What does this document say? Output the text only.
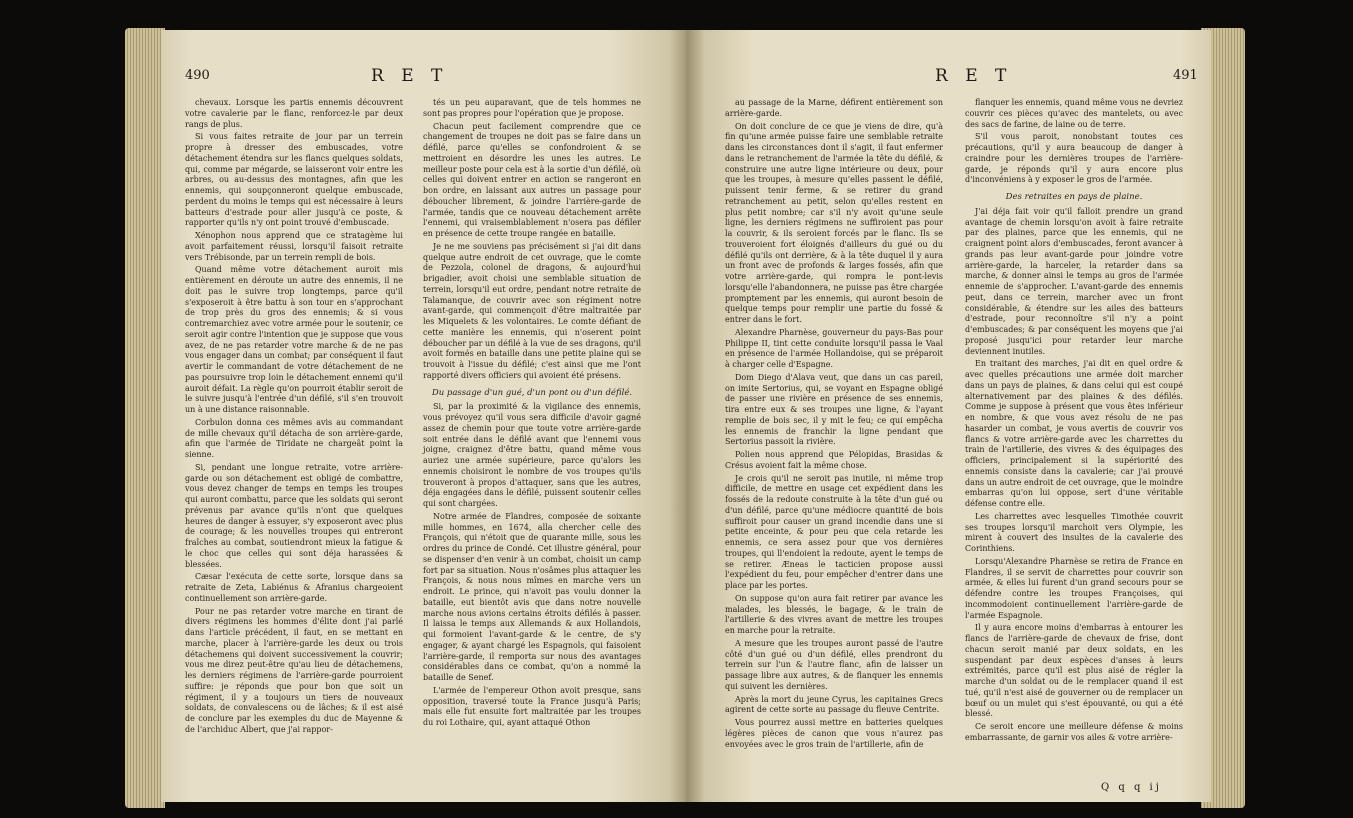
490	R E T

chevaux. Lorsque les partis ennemis découvrent votre cavalerie par le flanc, renforcez-le par deux rangs de plus.

Si vous faites retraite de jour par un terrein propre à dresser des embuscades, votre détachement étendra sur les flancs quelques soldats, qui, comme par mégarde, se laisseront voir entre les arbres, ou au-dessus des montagnes, afin que les ennemis, qui soupçonneront quelque embuscade, perdent du moins le temps qui est nécessaire à leurs batteurs d'estrade pour aller jusqu'à ce poste, & rapporter qu'ils n'y ont point trouvé d'embuscade.

Xénophon nous apprend que ce stratagème lui avoit parfaitement réussi, lorsqu'il faisoit retraite vers Trébisonde, par un terrein rempli de bois.

Quand même votre détachement auroit mis entièrement en déroute un autre des ennemis, il ne doit pas le suivre trop longtemps, parce qu'il s'exposeroit à être battu à son tour en s'approchant de trop près du gros des ennemis; & si vous contremarchiez avec votre armée pour le soutenir, ce seroit agir contre l'intention que je suppose que vous avez, de ne pas retarder votre marche & de ne pas vous engager dans un combat; par conséquent il faut avertir le commandant de votre détachement de ne pas poursuivre trop loin le détachement ennemi qu'il auroit défait. La règle qu'on pourroit établir seroit de le suivre jusqu'à l'entrée d'un défilé, s'il s'en trouvoit un à une distance raisonnable.

Corbulon donna ces mêmes avis au commandant de mille chevaux qu'il détacha de son arrière-garde, afin que l'armée de Tiridate ne chargeât point la sienne.

Si, pendant une longue retraite, votre arrière-garde ou son détachement est obligé de combattre, vous devez changer de temps en temps les troupes qui auront combattu, parce que les soldats qui seront prévenus par avance qu'ils n'ont que quelques heures de danger à essuyer, s'y exposeront avec plus de courage; & les nouvelles troupes qui entreront fraîches au combat, soutiendront mieux la fatigue & le choc que celles qui sont déja harassées & blessées.

Cæsar l'exécuta de cette sorte, lorsque dans sa retraite de Zeta, Labiénus & Afranius chargeoient continuellement son arrière-garde.

Pour ne pas retarder votre marche en tirant de divers régimens les hommes d'élite dont j'ai parlé dans l'article précédent, il faut, en se mettant en marche, placer à l'arrière-garde les deux ou trois détachemens qui doivent successivement la couvrir; vous me direz peut-être qu'au lieu de détachemens, les derniers régimens de l'arrière-garde pourroient suffire: je réponds que pour bon que soit un régiment, il y a toujours un tiers de nouveaux soldats, de convalescens ou de lâches; & il est aisé de conclure par les exemples du duc de Mayenne & de l'archiduc Albert, que j'ai rappor-

tés un peu auparavant, que de tels hommes ne sont pas propres pour l'opération que je propose.

Chacun peut facilement comprendre que ce changement de troupes ne doit pas se faire dans un défilé, parce qu'elles se confondroient & se mettroient en désordre les unes les autres. Le meilleur poste pour cela est à la sortie d'un défilé, où celles qui doivent entrer en action se rangeront en bon ordre, en laissant aux autres un passage pour déboucher librement, & joindre l'arrière-garde de l'armée, tandis que ce nouveau détachement arrête l'ennemi, qui vraisemblablement n'osera pas défiler en présence de cette troupe rangée en bataille.

Je ne me souviens pas précisément si j'ai dit dans quelque autre endroit de cet ouvrage, que le comte de Pezzola, colonel de dragons, & aujourd'hui brigadier, avoit choisi une semblable situation de terrein, lorsqu'il eut ordre, pendant notre retraite de Talamanque, de couvrir avec son régiment notre avant-garde, qui commençoit d'être maltraitée par les Miquelets & les volontaires. Le comte défiant de cette manière les ennemis, qui n'oserent point déboucher par un défilé à la vue de ses dragons, qu'il avoit formés en bataille dans une petite plaine qui se trouvoit à l'issue du défilé; c'est ainsi que me l'ont rapporté divers officiers qui avoient été présens.

Du passage d'un gué, d'un pont ou d'un défilé.

Si, par la proximité & la vigilance des ennemis, vous prévoyez qu'il vous sera difficile d'avoir gagné assez de chemin pour que toute votre arrière-garde soit entrée dans le défilé avant que l'ennemi vous joigne, craignez d'être battu, quand même vous auriez une armée supérieure, parce qu'alors les ennemis choisiront le nombre de vos troupes qu'ils trouveront à propos d'attaquer, sans que les autres, déja engagées dans le défilé, puissent soutenir celles qui sont chargées.

Notre armée de Flandres, composée de soixante mille hommes, en 1674, alla chercher celle des François, qui n'étoit que de quarante mille, sous les ordres du prince de Condé. Cet illustre général, pour se dispenser d'en venir à un combat, choisit un camp fort par sa situation. Nous n'osâmes plus attaquer les François, & nous nous mîmes en marche vers un endroit. Le prince, qui n'avoit pas voulu donner la bataille, eut bientôt avis que dans notre nouvelle marche nous avions certains étroits défilés à passer. Il laissa le temps aux Allemands & aux Hollandois, qui formoient l'avant-garde & le centre, de s'y engager, & ayant chargé les Espagnols, qui faisoient l'arrière-garde, il remporta sur nous des avantages considérables dans ce combat, qu'on a nommé la bataille de Senef.

L'armée de l'empereur Othon avoit presque, sans opposition, traversé toute la France jusqu'à Paris; mais elle fut ensuite fort maltraitée par les troupes du roi Lothaire, qui, ayant attaqué Othon

R E T	491

au passage de la Marne, défirent entièrement son arrière-garde.

On doit conclure de ce que je viens de dire, qu'à fin qu'une armée puisse faire une semblable retraite dans les circonstances dont il s'agit, il faut enfermer dans le retranchement de l'armée la tête du défilé, & construire une autre ligne intérieure ou deux, pour que les troupes, à mesure qu'elles passent le défilé, puissent tenir ferme, & se retirer du grand retranchement au petit, selon qu'elles restent en plus petit nombre; car s'il n'y avoit qu'une seule ligne, les derniers régimens ne suffiroient pas pour la couvrir, & ils seroient forcés par le flanc. Ils se trouveroient fort éloignés d'ailleurs du gué ou du défilé qu'ils ont derrière, & à la tête duquel il y aura un front avec de profonds & larges fossés, afin que votre arrière-garde, qui rompra le pont-levis lorsqu'elle l'abandonnera, ne puisse pas être chargée promptement par les ennemis, qui auront besoin de quelque temps pour remplir une partie du fossé & entrer dans le fort.

Alexandre Pharnèse, gouverneur du pays-Bas pour Philippe II, tint cette conduite lorsqu'il passa le Vaal en présence de l'armée Hollandoise, qui se préparoit à charger celle d'Espagne.

Dom Diego d'Alava veut, que dans un cas pareil, on imite Sertorius, qui, se voyant en Espagne obligé de passer une rivière en présence de ses ennemis, tira entre eux & ses troupes une ligne, & l'ayant remplie de bois sec, il y mit le feu; ce qui empêcha les ennemis de franchir la ligne pendant que Sertorius passoit la rivière.

Polien nous apprend que Pélopidas, Brasidas & Crésus avoient fait la même chose.

Je crois qu'il ne seroit pas inutile, ni même trop difficile, de mettre en usage cet expédient dans les fossés de la redoute construite à la tête d'un gué ou d'un défilé, parce qu'une médiocre quantité de bois suffiroit pour causer un grand incendie dans une si petite enceinte, & pour peu que cela retarde les ennemis, ce sera assez pour que vos dernières troupes, qui ll'endoient la redoute, ayent le temps de se retirer. Æneas le tacticien propose aussi l'expédient du feu, pour empêcher d'entrer dans une place par les portes.

On suppose qu'on aura fait retirer par avance les malades, les blessés, le bagage, & le train de l'artillerie & des vivres avant de mettre les troupes en marche pour la retraite.

A mesure que les troupes auront passé de l'autre côté d'un gué ou d'un défilé, elles prendront du terrein sur l'un & l'autre flanc, afin de laisser un passage libre aux autres, & de flanquer les ennemis qui suivent les dernières.

Après la mort du jeune Cyrus, les capitaines Grecs agirent de cette sorte au passage du fleuve Centrite.

Vous pourrez aussi mettre en batteries quelques légères pièces de canon que vous n'aurez pas envoyées avec le gros train de l'artillerie, afin de

flanquer les ennemis, quand même vous ne devriez couvrir ces pièces qu'avec des mantelets, ou avec des sacs de farine, de laine ou de terre.

S'il vous paroit, nonobstant toutes ces précautions, qu'il y aura beaucoup de danger à craindre pour les dernières troupes de l'arrière-garde, je réponds qu'il y aura encore plus d'inconvéniens à y exposer le gros de l'armée.

Des retraites en pays de plaine.

J'ai déja fait voir qu'il falloit prendre un grand avantage de chemin lorsqu'on avoit à faire retraite par des plaines, parce que les ennemis, qui ne craignent point alors d'embuscades, feront avancer à grands pas leur avant-garde pour joindre votre arrière-garde, la harceler, la retarder dans sa marche, & donner ainsi le temps au gros de l'armée ennemie de s'approcher. L'avant-garde des ennemis peut, dans ce terrein, marcher avec un front considérable, & étendre sur les ailes des batteurs d'estrade, pour reconnoître s'il n'y a point d'embuscades; & par conséquent les moyens que j'ai proposé jusqu'ici pour retarder leur marche deviennent inutiles.

En traitant des marches, j'ai dit en quel ordre & avec quelles précautions une armée doit marcher dans un pays de plaines, & dans celui qui est coupé alternativement par des plaines & des défilés. Comme je suppose à présent que vous êtes inférieur en nombre, & que vous avez résolu de ne pas hasarder un combat, je vous avertis de couvrir vos flancs & votre arrière-garde avec les charrettes du train de l'artillerie, des vivres & des équipages des officiers, principalement si la supériorité des ennemis consiste dans la cavalerie; car j'ai prouvé dans un autre endroit de cet ouvrage, que le moindre embarras qu'on lui oppose, sert d'une véritable défense contre elle.

Les charrettes avec lesquelles Timothée couvrit ses troupes lorsqu'il marchoit vers Olympie, les mirent à couvert des insultes de la cavalerie des Corinthiens.

Lorsqu'Alexandre Pharnèse se retira de France en Flandres, il se servit de charrettes pour couvrir son armée, & elles lui furent d'un grand secours pour se défendre contre les troupes Françoises, qui incommodoient continuellement l'arrière-garde de l'armée Espagnole.

Il y aura encore moins d'embarras à entourer les flancs de l'arrière-garde de chevaux de frise, dont chacun seroit manié par deux soldats, en les suspendant par deux espèces d'anses à leurs extrémités, parce qu'il est plus aisé de régler la marche d'un soldat ou de le remplacer quand il est tué, qu'il n'est aisé de gouverner ou de remplacer un bœuf ou un mulet qui s'est épouvanté, ou qui a été blessé.

Ce seroit encore une meilleure défense & moins embarrassante, de garnir vos ailes & votre arrière-

Q q q ij
